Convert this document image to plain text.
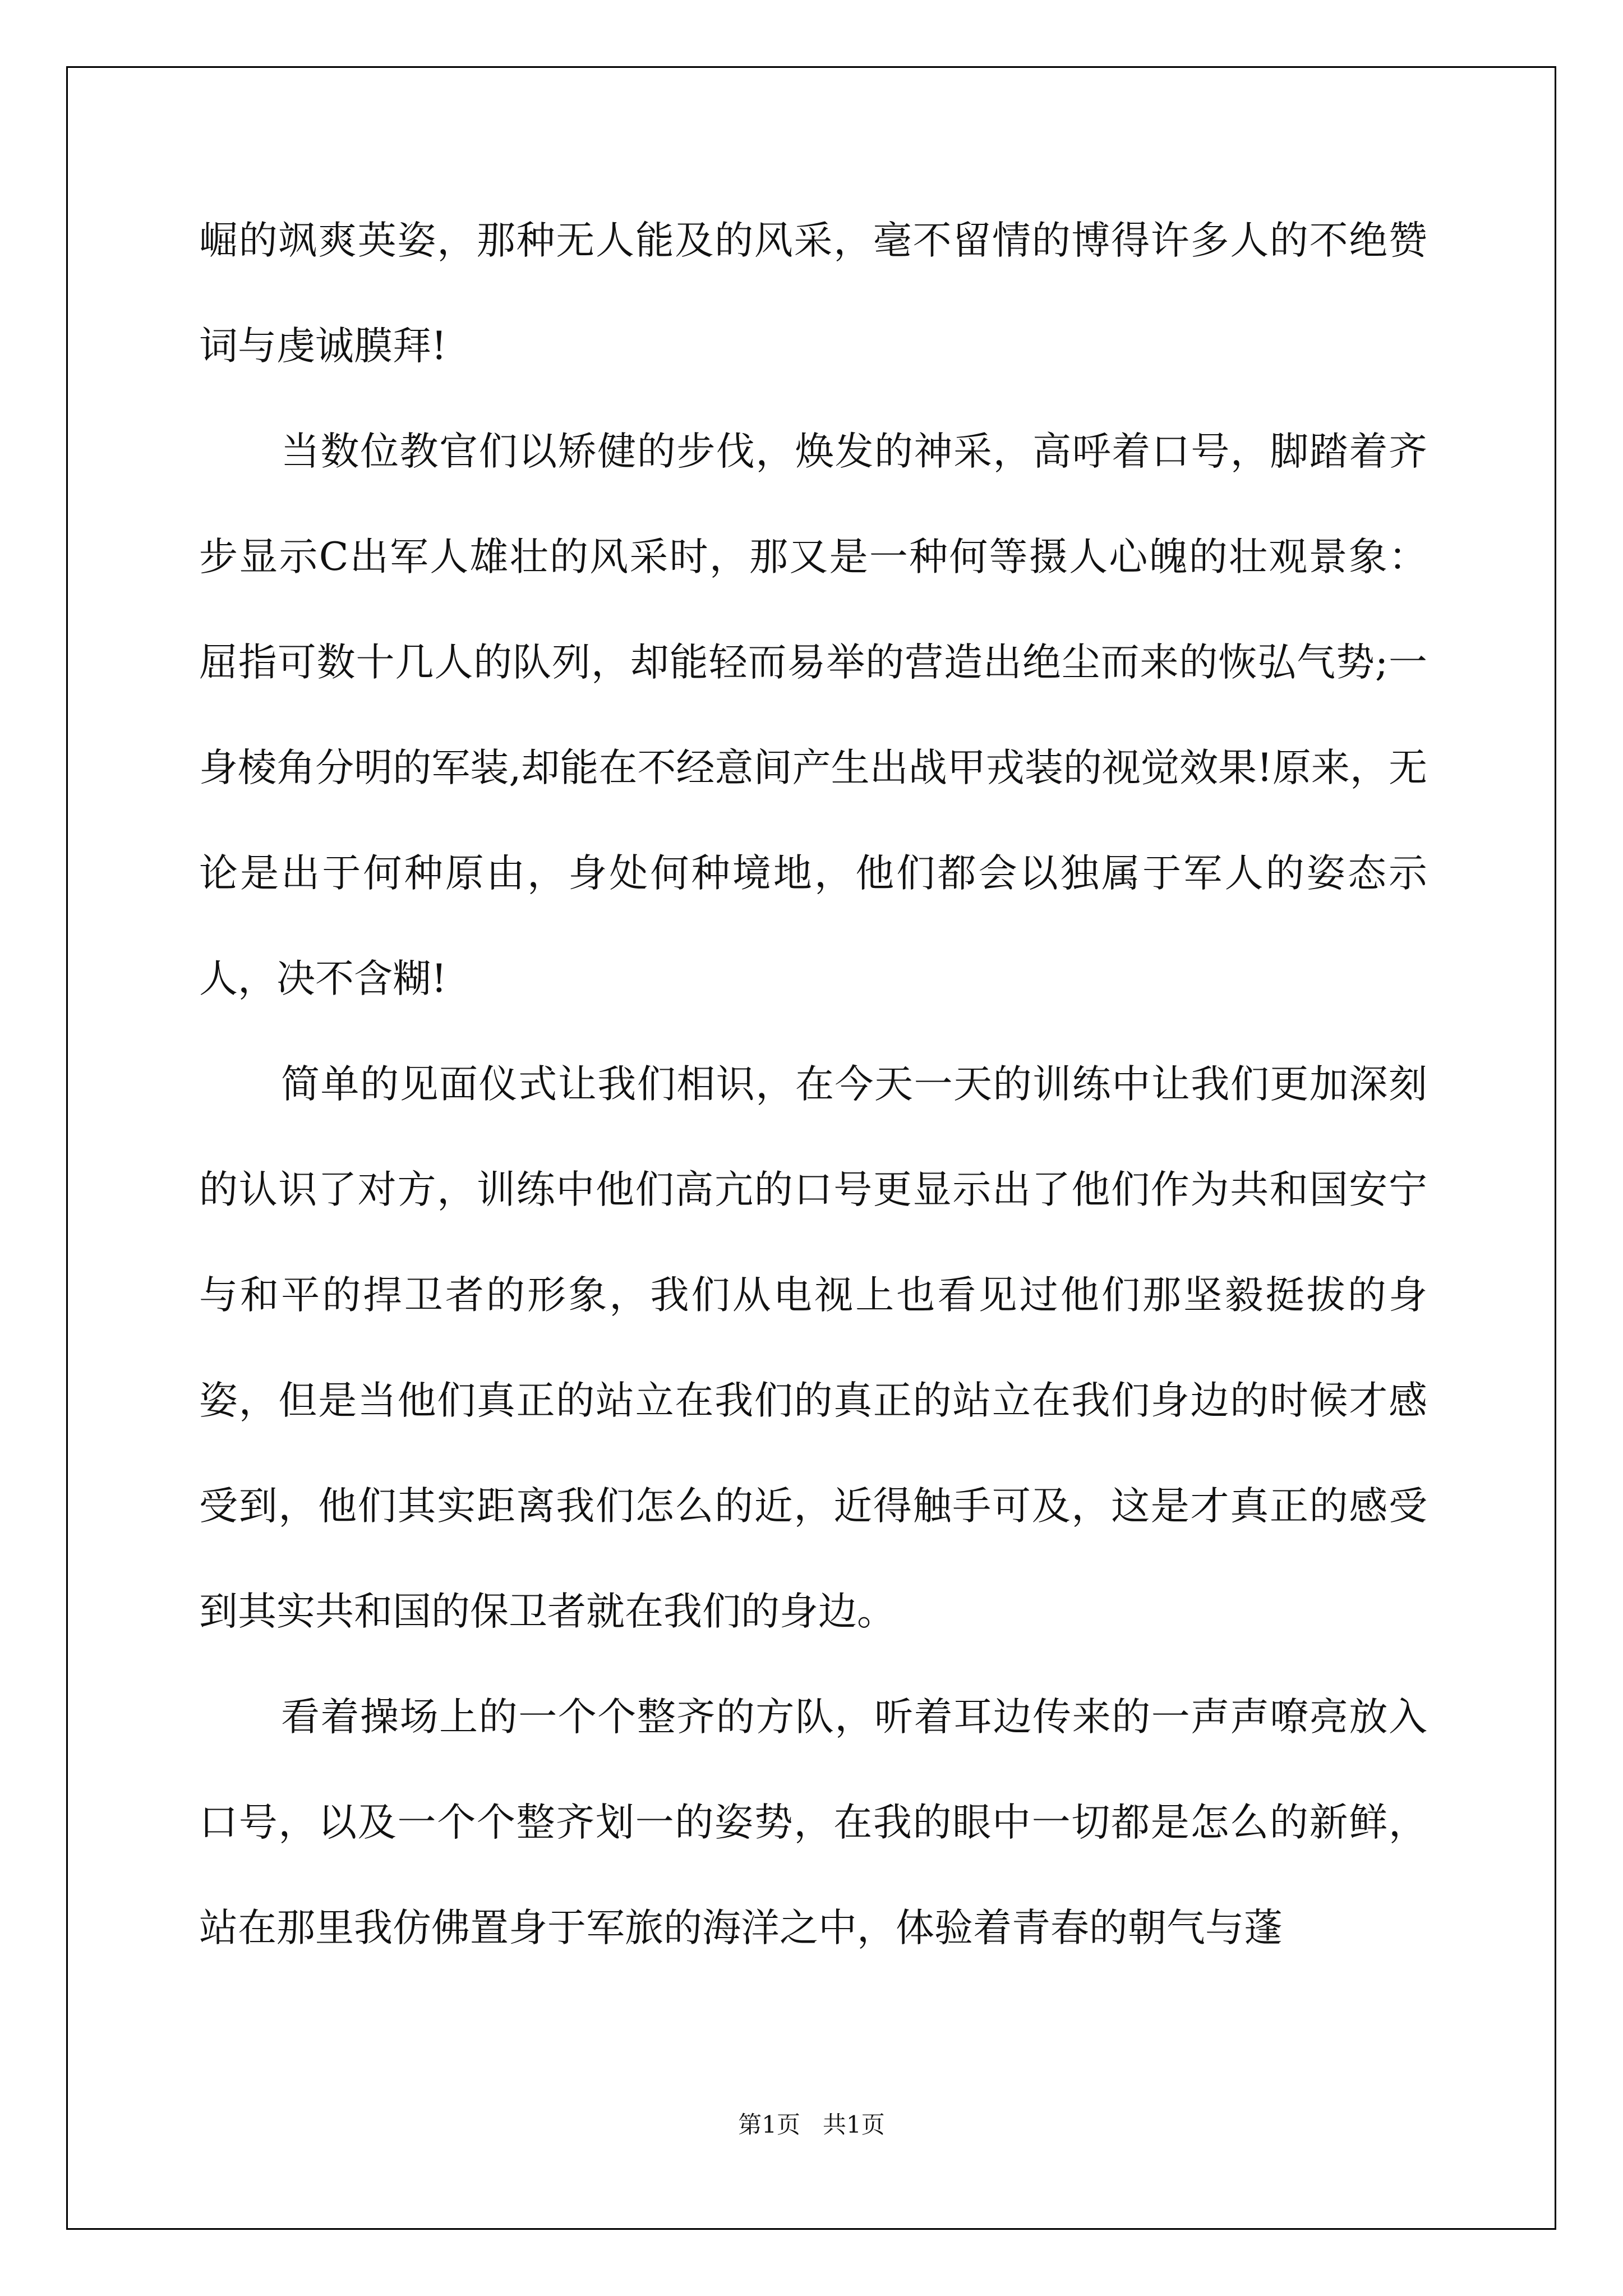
崛的飒爽英姿，那种无人能及的风采，毫不留情的博得许多人的不绝赞词与虔诚膜拜!

当数位教官们以矫健的步伐，焕发的神采，高呼着口号，脚踏着齐步显示C出军人雄壮的风采时，那又是一种何等摄人心魄的壮观景象：屈指可数十几人的队列，却能轻而易举的营造出绝尘而来的恢弘气势;一身棱角分明的军装,却能在不经意间产生出战甲戎装的视觉效果!原来，无论是出于何种原由，身处何种境地，他们都会以独属于军人的姿态示人，决不含糊!

简单的见面仪式让我们相识，在今天一天的训练中让我们更加深刻的认识了对方，训练中他们高亢的口号更显示出了他们作为共和国安宁与和平的捍卫者的形象，我们从电视上也看见过他们那坚毅挺拔的身姿，但是当他们真正的站立在我们的真正的站立在我们身边的时候才感受到，他们其实距离我们怎么的近，近得触手可及，这是才真正的感受到其实共和国的保卫者就在我们的身边。

看着操场上的一个个整齐的方队，听着耳边传来的一声声嘹亮放入口号，以及一个个整齐划一的姿势，在我的眼中一切都是怎么的新鲜，站在那里我仿佛置身于军旅的海洋之中，体验着青春的朝气与蓬

第1页   共1页
